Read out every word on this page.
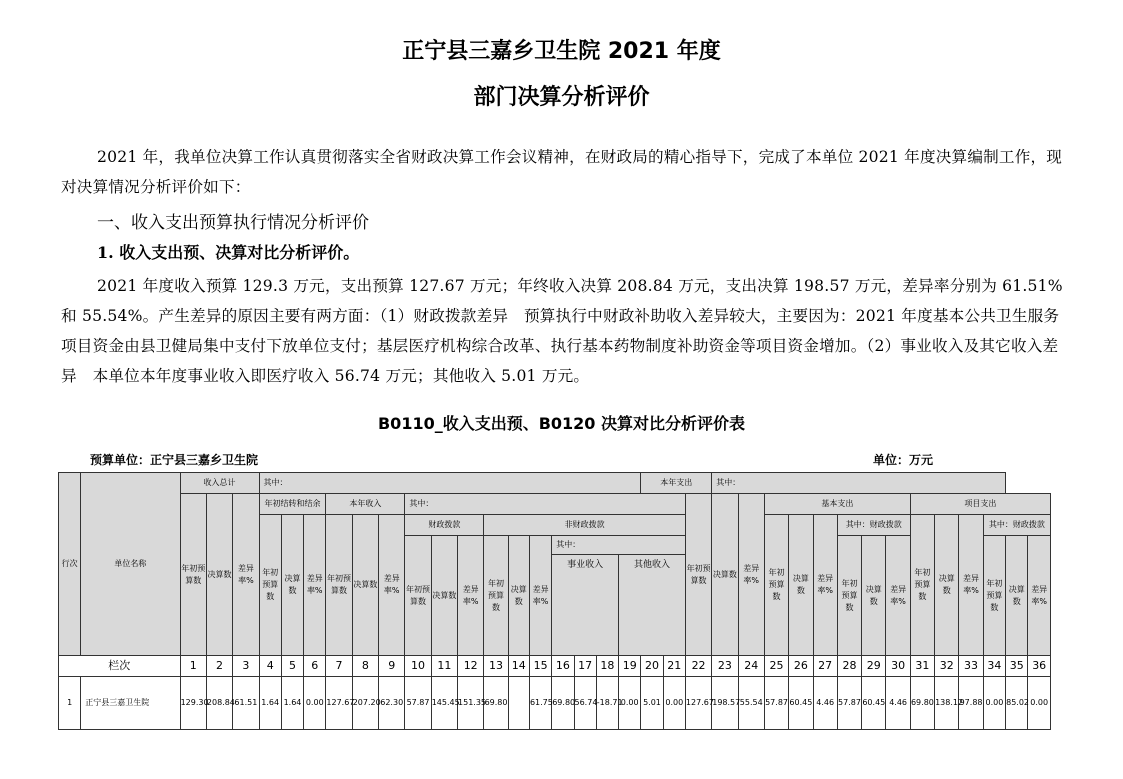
正宁县三嘉乡卫生院 2021 年度
部门决算分析评价
2021 年，我单位决算工作认真贯彻落实全省财政决算工作会议精神，在财政局的精心指导下，完成了本单位 2021 年度决算编制工作，现对决算情况分析评价如下：
一、收入支出预算执行情况分析评价
1. 收入支出预、决算对比分析评价。
2021 年度收入预算 129.3 万元，支出预算 127.67 万元；年终收入决算 208.84 万元，支出决算 198.57 万元，差异率分别为 61.51%和 55.54%。产生差异的原因主要有两方面：（1）财政拨款差异　预算执行中财政补助收入差异较大，主要因为：2021 年度基本公共卫生服务项目资金由县卫健局集中支付下放单位支付；基层医疗机构综合改革、执行基本药物制度补助资金等项目资金增加。（2）事业收入及其它收入差异　本单位本年度事业收入即医疗收入 56.74 万元；其他收入 5.01 万元。
B0110_收入支出预、B0120 决算对比分析评价表
预算单位：正宁县三嘉乡卫生院	单位：万元
行次	单位名称	收入总计			其中：																本年支出			其中：													
		年初预算数	决算数	差异率%	年初结转和结余			本年收入			其中：												年初预算数	决算数	差异率%	基本支出						项目支出					
					年初预算数	决算数	差异率%	年初预算数	决算数	差异率%	财政拨款			非财政拨款												年初预算数	决算数	差异率%	其中：财政拨款			年初预算数	决算数	差异率%	其中：财政拨款		
											年初预算数	决算数	差异率%	年初预算数	决算数	差异率%	其中：												年初预算数	决算数	差异率%				年初预算数	决算数	差异率%
																	事业收入			其他收入																	
栏次		1	2	3	4	5	6	7	8	9	10	11	12	13	14	15	16	17	18	19	20	21	22	23	24	25	26	27	28	29	30	31	32	33	34	35	36
1	正宁县三嘉卫生院	129.30	208.84	61.51	1.64	1.64	0.00	127.67	207.20	62.30	57.87	145.45	151.35	69.80		61.75	69.80	56.74	-18.71	0.00	5.01	0.00	127.67	198.57	55.54	57.87	60.45	4.46	57.87	60.45	4.46	69.80	138.12	97.88	0.00	85.02	0.00
